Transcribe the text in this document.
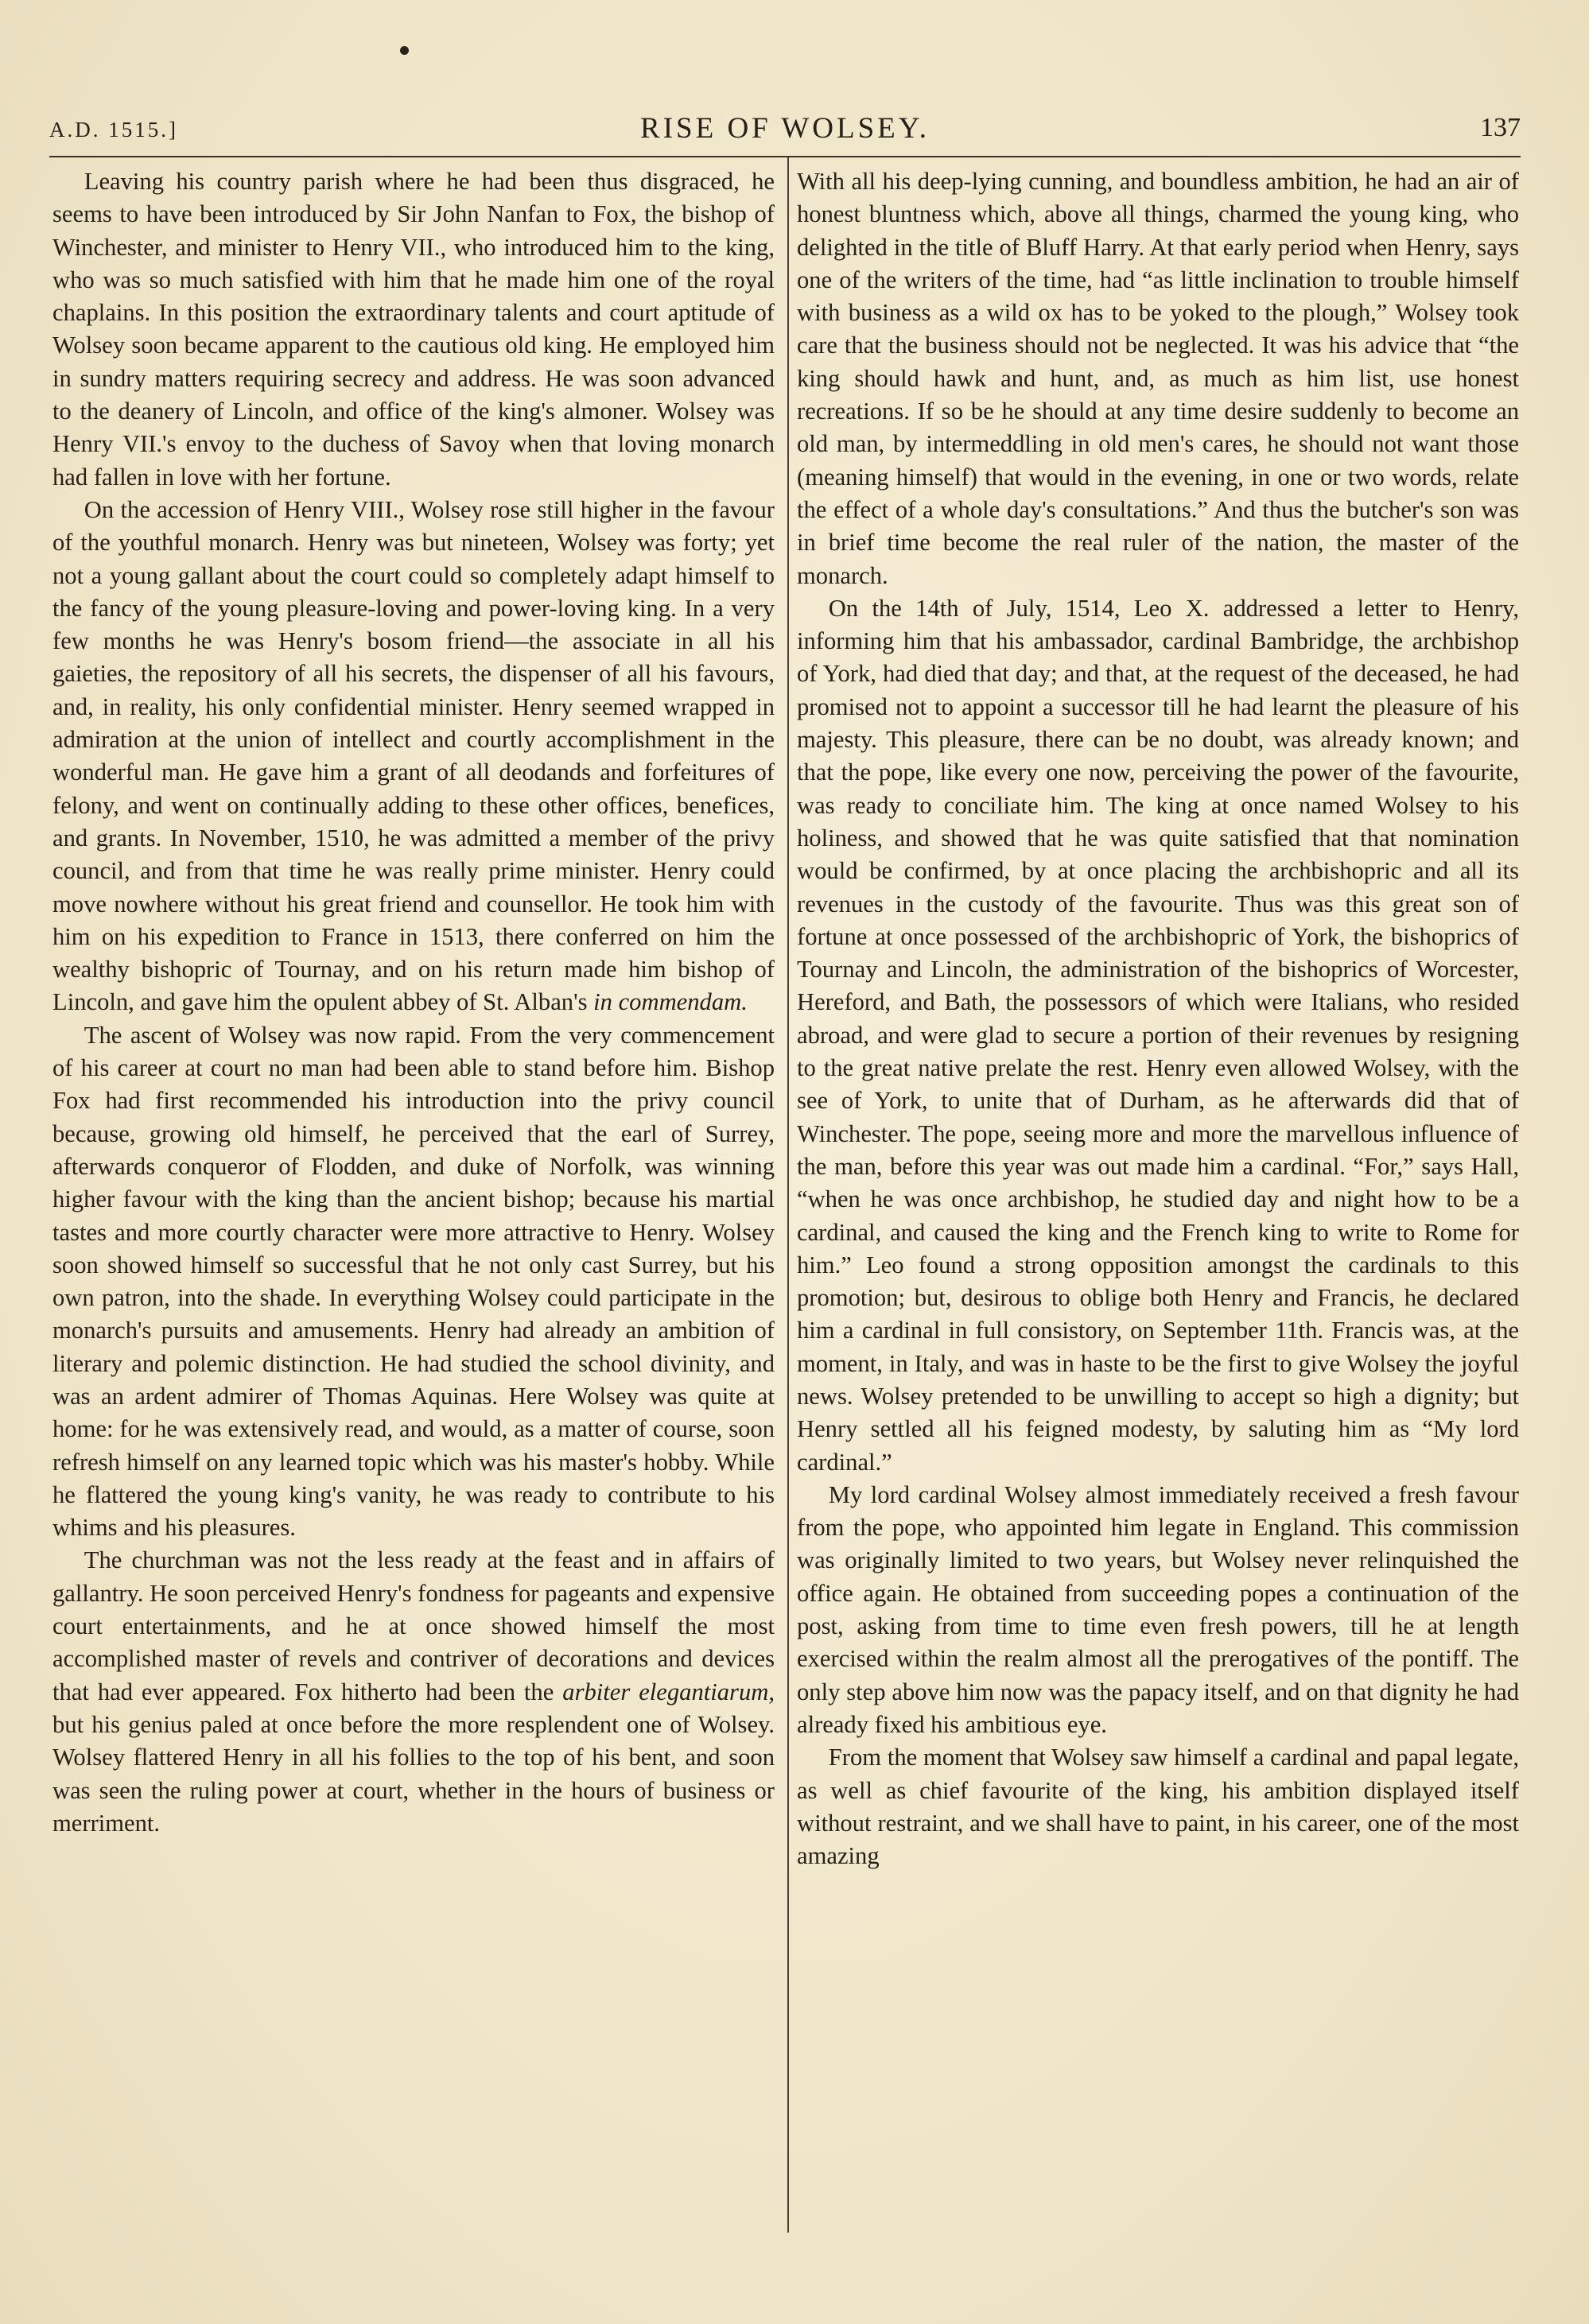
A.D. 1515.]	RISE OF WOLSEY.	137

Leaving his country parish where he had been thus disgraced, he seems to have been introduced by Sir John Nanfan to Fox, the bishop of Winchester, and minister to Henry VII., who introduced him to the king, who was so much satisfied with him that he made him one of the royal chaplains. In this position the extraordinary talents and court aptitude of Wolsey soon became apparent to the cautious old king. He employed him in sundry matters requiring secrecy and address. He was soon advanced to the deanery of Lincoln, and office of the king's almoner. Wolsey was Henry VII.'s envoy to the duchess of Savoy when that loving monarch had fallen in love with her fortune.

On the accession of Henry VIII., Wolsey rose still higher in the favour of the youthful monarch. Henry was but nineteen, Wolsey was forty; yet not a young gallant about the court could so completely adapt himself to the fancy of the young pleasure-loving and power-loving king. In a very few months he was Henry's bosom friend—the associate in all his gaieties, the repository of all his secrets, the dispenser of all his favours, and, in reality, his only confidential minister. Henry seemed wrapped in admiration at the union of intellect and courtly accomplishment in the wonderful man. He gave him a grant of all deodands and forfeitures of felony, and went on continually adding to these other offices, benefices, and grants. In November, 1510, he was admitted a member of the privy council, and from that time he was really prime minister. Henry could move nowhere without his great friend and counsellor. He took him with him on his expedition to France in 1513, there conferred on him the wealthy bishopric of Tournay, and on his return made him bishop of Lincoln, and gave him the opulent abbey of St. Alban's in commendam.

The ascent of Wolsey was now rapid. From the very commencement of his career at court no man had been able to stand before him. Bishop Fox had first recommended his introduction into the privy council because, growing old himself, he perceived that the earl of Surrey, afterwards conqueror of Flodden, and duke of Norfolk, was winning higher favour with the king than the ancient bishop; because his martial tastes and more courtly character were more attractive to Henry. Wolsey soon showed himself so successful that he not only cast Surrey, but his own patron, into the shade. In everything Wolsey could participate in the monarch's pursuits and amusements. Henry had already an ambition of literary and polemic distinction. He had studied the school divinity, and was an ardent admirer of Thomas Aquinas. Here Wolsey was quite at home: for he was extensively read, and would, as a matter of course, soon refresh himself on any learned topic which was his master's hobby. While he flattered the young king's vanity, he was ready to contribute to his whims and his pleasures.

The churchman was not the less ready at the feast and in affairs of gallantry. He soon perceived Henry's fondness for pageants and expensive court entertainments, and he at once showed himself the most accomplished master of revels and contriver of decorations and devices that had ever appeared. Fox hitherto had been the arbiter elegantiarum, but his genius paled at once before the more resplendent one of Wolsey. Wolsey flattered Henry in all his follies to the top of his bent, and soon was seen the ruling power at court, whether in the hours of business or merriment.

With all his deep-lying cunning, and boundless ambition, he had an air of honest bluntness which, above all things, charmed the young king, who delighted in the title of Bluff Harry. At that early period when Henry, says one of the writers of the time, had “as little inclination to trouble himself with business as a wild ox has to be yoked to the plough,” Wolsey took care that the business should not be neglected. It was his advice that “the king should hawk and hunt, and, as much as him list, use honest recreations. If so be he should at any time desire suddenly to become an old man, by intermeddling in old men's cares, he should not want those (meaning himself) that would in the evening, in one or two words, relate the effect of a whole day's consultations.” And thus the butcher's son was in brief time become the real ruler of the nation, the master of the monarch.

On the 14th of July, 1514, Leo X. addressed a letter to Henry, informing him that his ambassador, cardinal Bambridge, the archbishop of York, had died that day; and that, at the request of the deceased, he had promised not to appoint a successor till he had learnt the pleasure of his majesty. This pleasure, there can be no doubt, was already known; and that the pope, like every one now, perceiving the power of the favourite, was ready to conciliate him. The king at once named Wolsey to his holiness, and showed that he was quite satisfied that that nomination would be confirmed, by at once placing the archbishopric and all its revenues in the custody of the favourite. Thus was this great son of fortune at once possessed of the archbishopric of York, the bishoprics of Tournay and Lincoln, the administration of the bishoprics of Worcester, Hereford, and Bath, the possessors of which were Italians, who resided abroad, and were glad to secure a portion of their revenues by resigning to the great native prelate the rest. Henry even allowed Wolsey, with the see of York, to unite that of Durham, as he afterwards did that of Winchester. The pope, seeing more and more the marvellous influence of the man, before this year was out made him a cardinal. “For,” says Hall, “when he was once archbishop, he studied day and night how to be a cardinal, and caused the king and the French king to write to Rome for him.” Leo found a strong opposition amongst the cardinals to this promotion; but, desirous to oblige both Henry and Francis, he declared him a cardinal in full consistory, on September 11th. Francis was, at the moment, in Italy, and was in haste to be the first to give Wolsey the joyful news. Wolsey pretended to be unwilling to accept so high a dignity; but Henry settled all his feigned modesty, by saluting him as “My lord cardinal.”

My lord cardinal Wolsey almost immediately received a fresh favour from the pope, who appointed him legate in England. This commission was originally limited to two years, but Wolsey never relinquished the office again. He obtained from succeeding popes a continuation of the post, asking from time to time even fresh powers, till he at length exercised within the realm almost all the prerogatives of the pontiff. The only step above him now was the papacy itself, and on that dignity he had already fixed his ambitious eye.

From the moment that Wolsey saw himself a cardinal and papal legate, as well as chief favourite of the king, his ambition displayed itself without restraint, and we shall have to paint, in his career, one of the most amazing
